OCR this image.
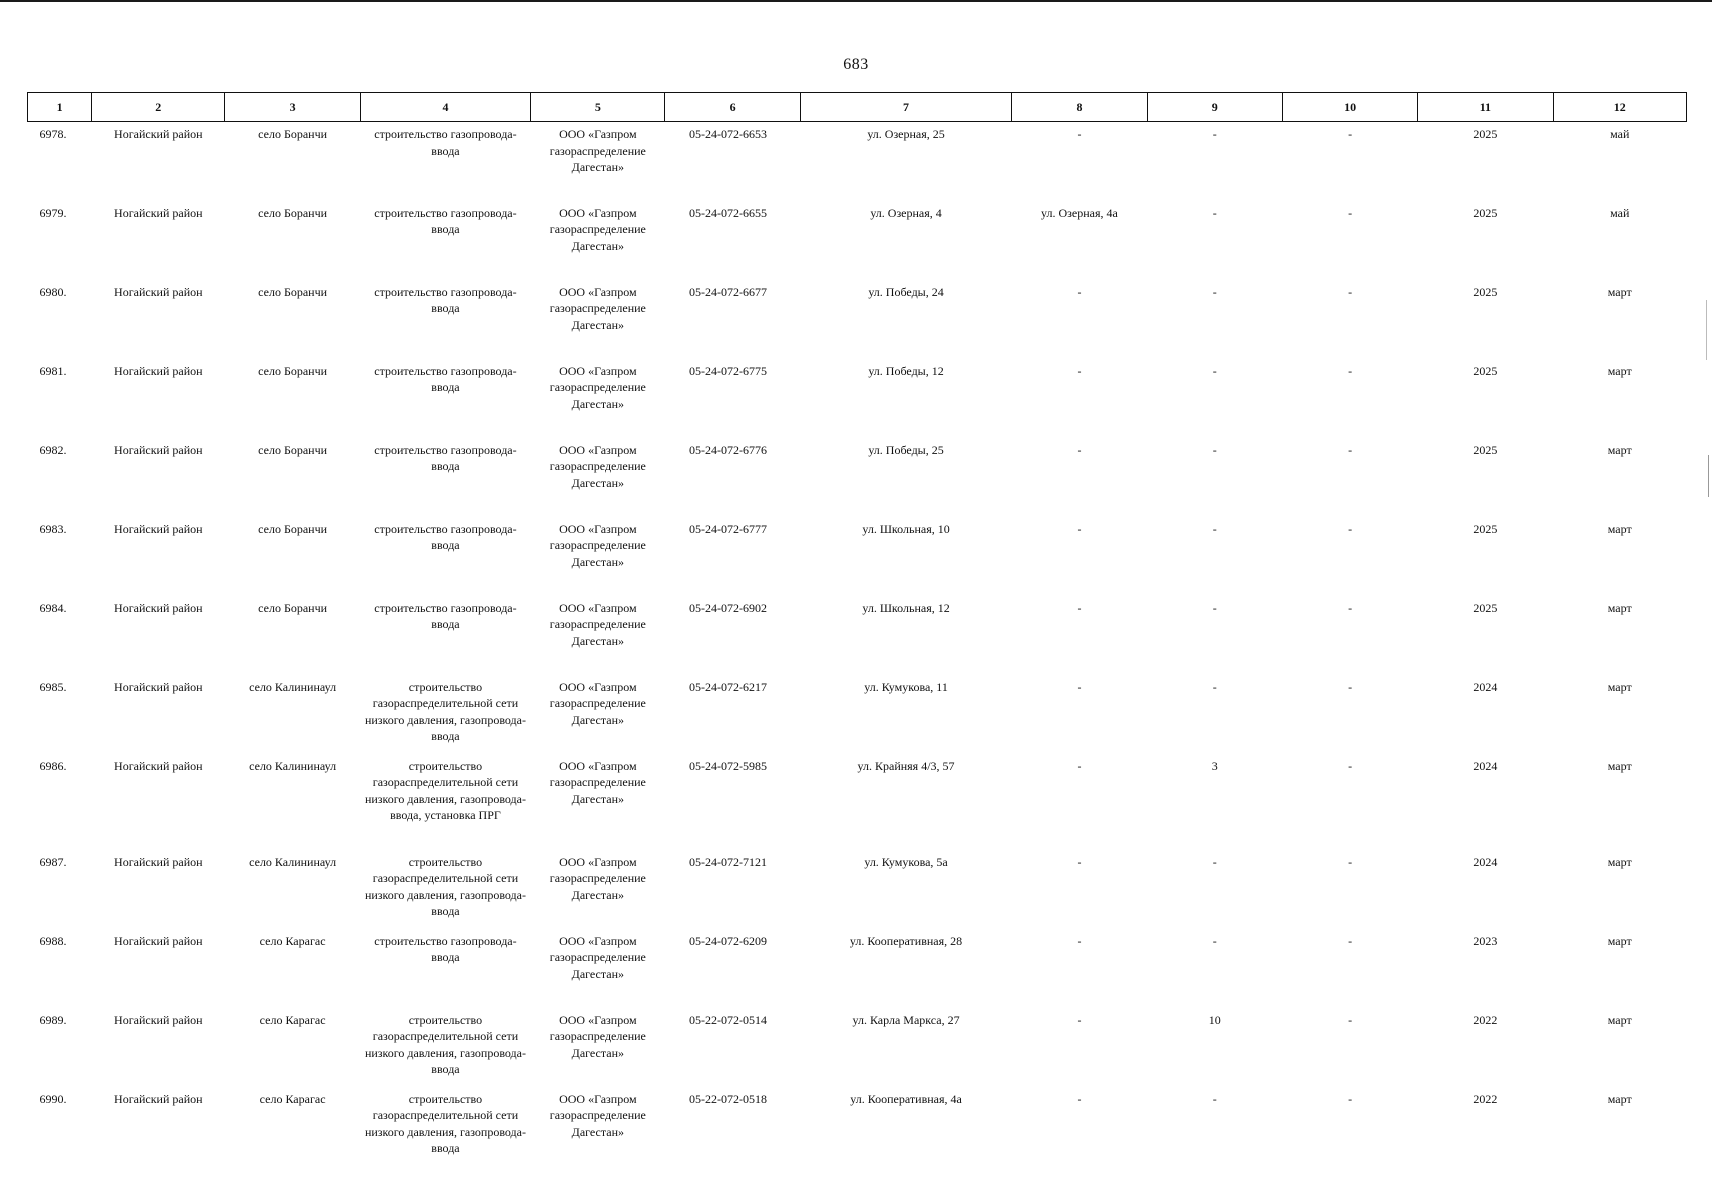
683
1	2	3	4	5	6	7	8	9	10	11	12
6978.	Ногайский район	село Боранчи	строительство газопровода-ввода	ООО «Газпром газораспределение Дагестан»	05-24-072-6653	ул. Озерная, 25	-	-	-	2025	май
6979.	Ногайский район	село Боранчи	строительство газопровода-ввода	ООО «Газпром газораспределение Дагестан»	05-24-072-6655	ул. Озерная, 4	ул. Озерная, 4а	-	-	2025	май
6980.	Ногайский район	село Боранчи	строительство газопровода-ввода	ООО «Газпром газораспределение Дагестан»	05-24-072-6677	ул. Победы, 24	-	-	-	2025	март
6981.	Ногайский район	село Боранчи	строительство газопровода-ввода	ООО «Газпром газораспределение Дагестан»	05-24-072-6775	ул. Победы, 12	-	-	-	2025	март
6982.	Ногайский район	село Боранчи	строительство газопровода-ввода	ООО «Газпром газораспределение Дагестан»	05-24-072-6776	ул. Победы, 25	-	-	-	2025	март
6983.	Ногайский район	село Боранчи	строительство газопровода-ввода	ООО «Газпром газораспределение Дагестан»	05-24-072-6777	ул. Школьная, 10	-	-	-	2025	март
6984.	Ногайский район	село Боранчи	строительство газопровода-ввода	ООО «Газпром газораспределение Дагестан»	05-24-072-6902	ул. Школьная, 12	-	-	-	2025	март
6985.	Ногайский район	село Калининаул	строительство газораспределительной сети низкого давления, газопровода-ввода	ООО «Газпром газораспределение Дагестан»	05-24-072-6217	ул. Кумукова, 11	-	-	-	2024	март
6986.	Ногайский район	село Калининаул	строительство газораспределительной сети низкого давления, газопровода-ввода, установка ПРГ	ООО «Газпром газораспределение Дагестан»	05-24-072-5985	ул. Крайняя 4/3, 57	-	3	-	2024	март
6987.	Ногайский район	село Калининаул	строительство газораспределительной сети низкого давления, газопровода-ввода	ООО «Газпром газораспределение Дагестан»	05-24-072-7121	ул. Кумукова, 5а	-	-	-	2024	март
6988.	Ногайский район	село Карагас	строительство газопровода-ввода	ООО «Газпром газораспределение Дагестан»	05-24-072-6209	ул. Кооперативная, 28	-	-	-	2023	март
6989.	Ногайский район	село Карагас	строительство газораспределительной сети низкого давления, газопровода-ввода	ООО «Газпром газораспределение Дагестан»	05-22-072-0514	ул. Карла Маркса, 27	-	10	-	2022	март
6990.	Ногайский район	село Карагас	строительство газораспределительной сети низкого давления, газопровода-ввода	ООО «Газпром газораспределение Дагестан»	05-22-072-0518	ул. Кооперативная, 4а	-	-	-	2022	март
